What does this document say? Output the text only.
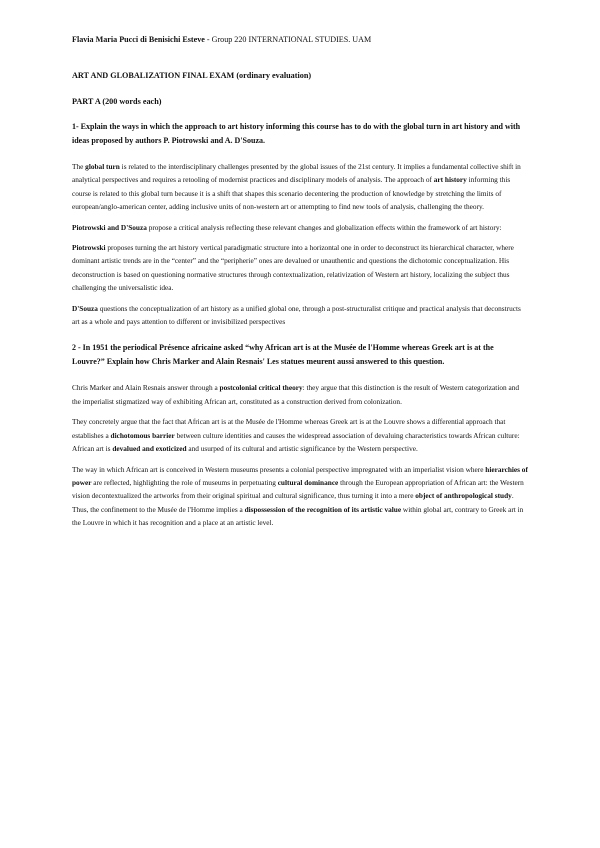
Flavia Maria Pucci di Benisichi Esteve - Group 220 INTERNATIONAL STUDIES. UAM

ART AND GLOBALIZATION FINAL EXAM (ordinary evaluation)

PART A (200 words each)

1- Explain the ways in which the approach to art history informing this course has to do with the global turn in art history and with ideas proposed by authors P. Piotrowski and A. D'Souza.

The global turn is related to the interdisciplinary challenges presented by the global issues of the 21st century. It implies a fundamental collective shift in analytical perspectives and requires a retooling of modernist practices and disciplinary models of analysis. The approach of art history informing this course is related to this global turn because it is a shift that shapes this scenario decentering the production of knowledge by stretching the limits of european/anglo-american center, adding inclusive units of non-western art or attempting to find new tools of analysis, challenging the theory.

Piotrowski and D'Souza propose a critical analysis reflecting these relevant changes and globalization effects within the framework of art history:

Piotrowski proposes turning the art history vertical paradigmatic structure into a horizontal one in order to deconstruct its hierarchical character, where dominant artistic trends are in the “center” and the “peripherie” ones are devalued or unauthentic and questions the dichotomic conceptualization. His deconstruction is based on questioning normative structures through contextualization, relativization of Western art history, localizing the subject thus challenging the universalistic idea.

D'Souza questions the conceptualization of art history as a unified global one, through a post-structuralist critique and practical analysis that deconstructs art as a whole and pays attention to different or invisibilized perspectives

2 - In 1951 the periodical Présence africaine asked “why African art is at the Musée de l'Homme whereas Greek art is at the Louvre?” Explain how Chris Marker and Alain Resnais' Les statues meurent aussi answered to this question.

Chris Marker and Alain Resnais answer through a postcolonial critical theory: they argue that this distinction is the result of Western categorization and the imperialist stigmatized way of exhibiting African art, constituted as a construction derived from colonization.

They concretely argue that the fact that African art is at the Musée de l'Homme whereas Greek art is at the Louvre shows a differential approach that establishes a dichotomous barrier between culture identities and causes the widespread association of devaluing characteristics towards African culture: African art is devalued and exoticized and usurped of its cultural and artistic significance by the Western perspective.

The way in which African art is conceived in Western museums presents a colonial perspective impregnated with an imperialist vision where hierarchies of power are reflected, highlighting the role of museums in perpetuating cultural dominance through the European appropriation of African art: the Western vision decontextualized the artworks from their original spiritual and cultural significance, thus turning it into a mere object of anthropological study. Thus, the confinement to the Musée de l'Homme implies a dispossession of the recognition of its artistic value within global art, contrary to Greek art in the Louvre in which it has recognition and a place at an artistic level.
